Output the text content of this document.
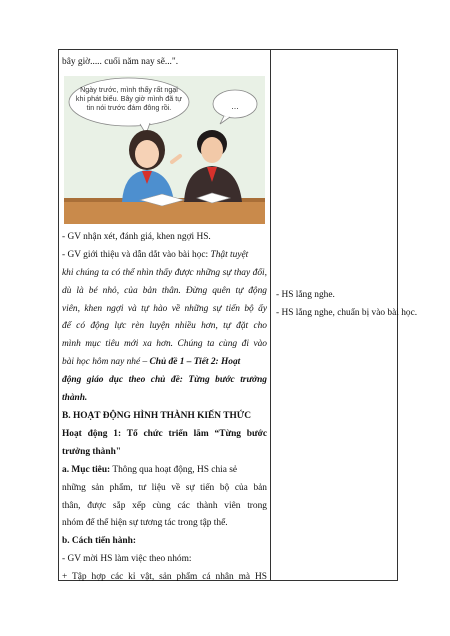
bây giờ..... cuối năm nay sẽ...".
Ngày trước, mình thấy rất ngại khi phát biểu. Bây giờ mình đã tự tin nói trước đám đông rồi.	...
- GV nhận xét, đánh giá, khen ngợi HS.
- GV giới thiệu và dẫn dắt vào bài học: Thật tuyệt
khi chúng ta có thể nhìn thấy được những sự thay đổi,
dù là bé nhỏ, của bản thân. Đừng quên tự động
viên, khen ngợi và tự hào về những sự tiến bộ ấy
để có động lực rèn luyện nhiều hơn, tự đặt cho
mình mục tiêu mới xa hơn. Chúng ta cùng đi vào
bài học hôm nay nhé – Chủ đề 1 – Tiết 2: Hoạt
động giáo dục theo chủ đề: Từng bước trưởng
thành.
B. HOẠT ĐỘNG HÌNH THÀNH KIẾN THỨC
Hoạt động 1: Tổ chức triển lãm “Từng bước
trưởng thành"
a. Mục tiêu: Thông qua hoạt động, HS chia sẻ
những sản phẩm, tư liệu về sự tiến bộ của bản
thân, được sắp xếp cùng các thành viên trong
nhóm để thể hiện sự tương tác trong tập thể.
b. Cách tiến hành:
- GV mời HS làm việc theo nhóm:
+ Tập hợp các kỉ vật, sản phẩm cá nhân mà HS
- HS lắng nghe.
- HS lắng nghe, chuẩn bị vào bài học.
